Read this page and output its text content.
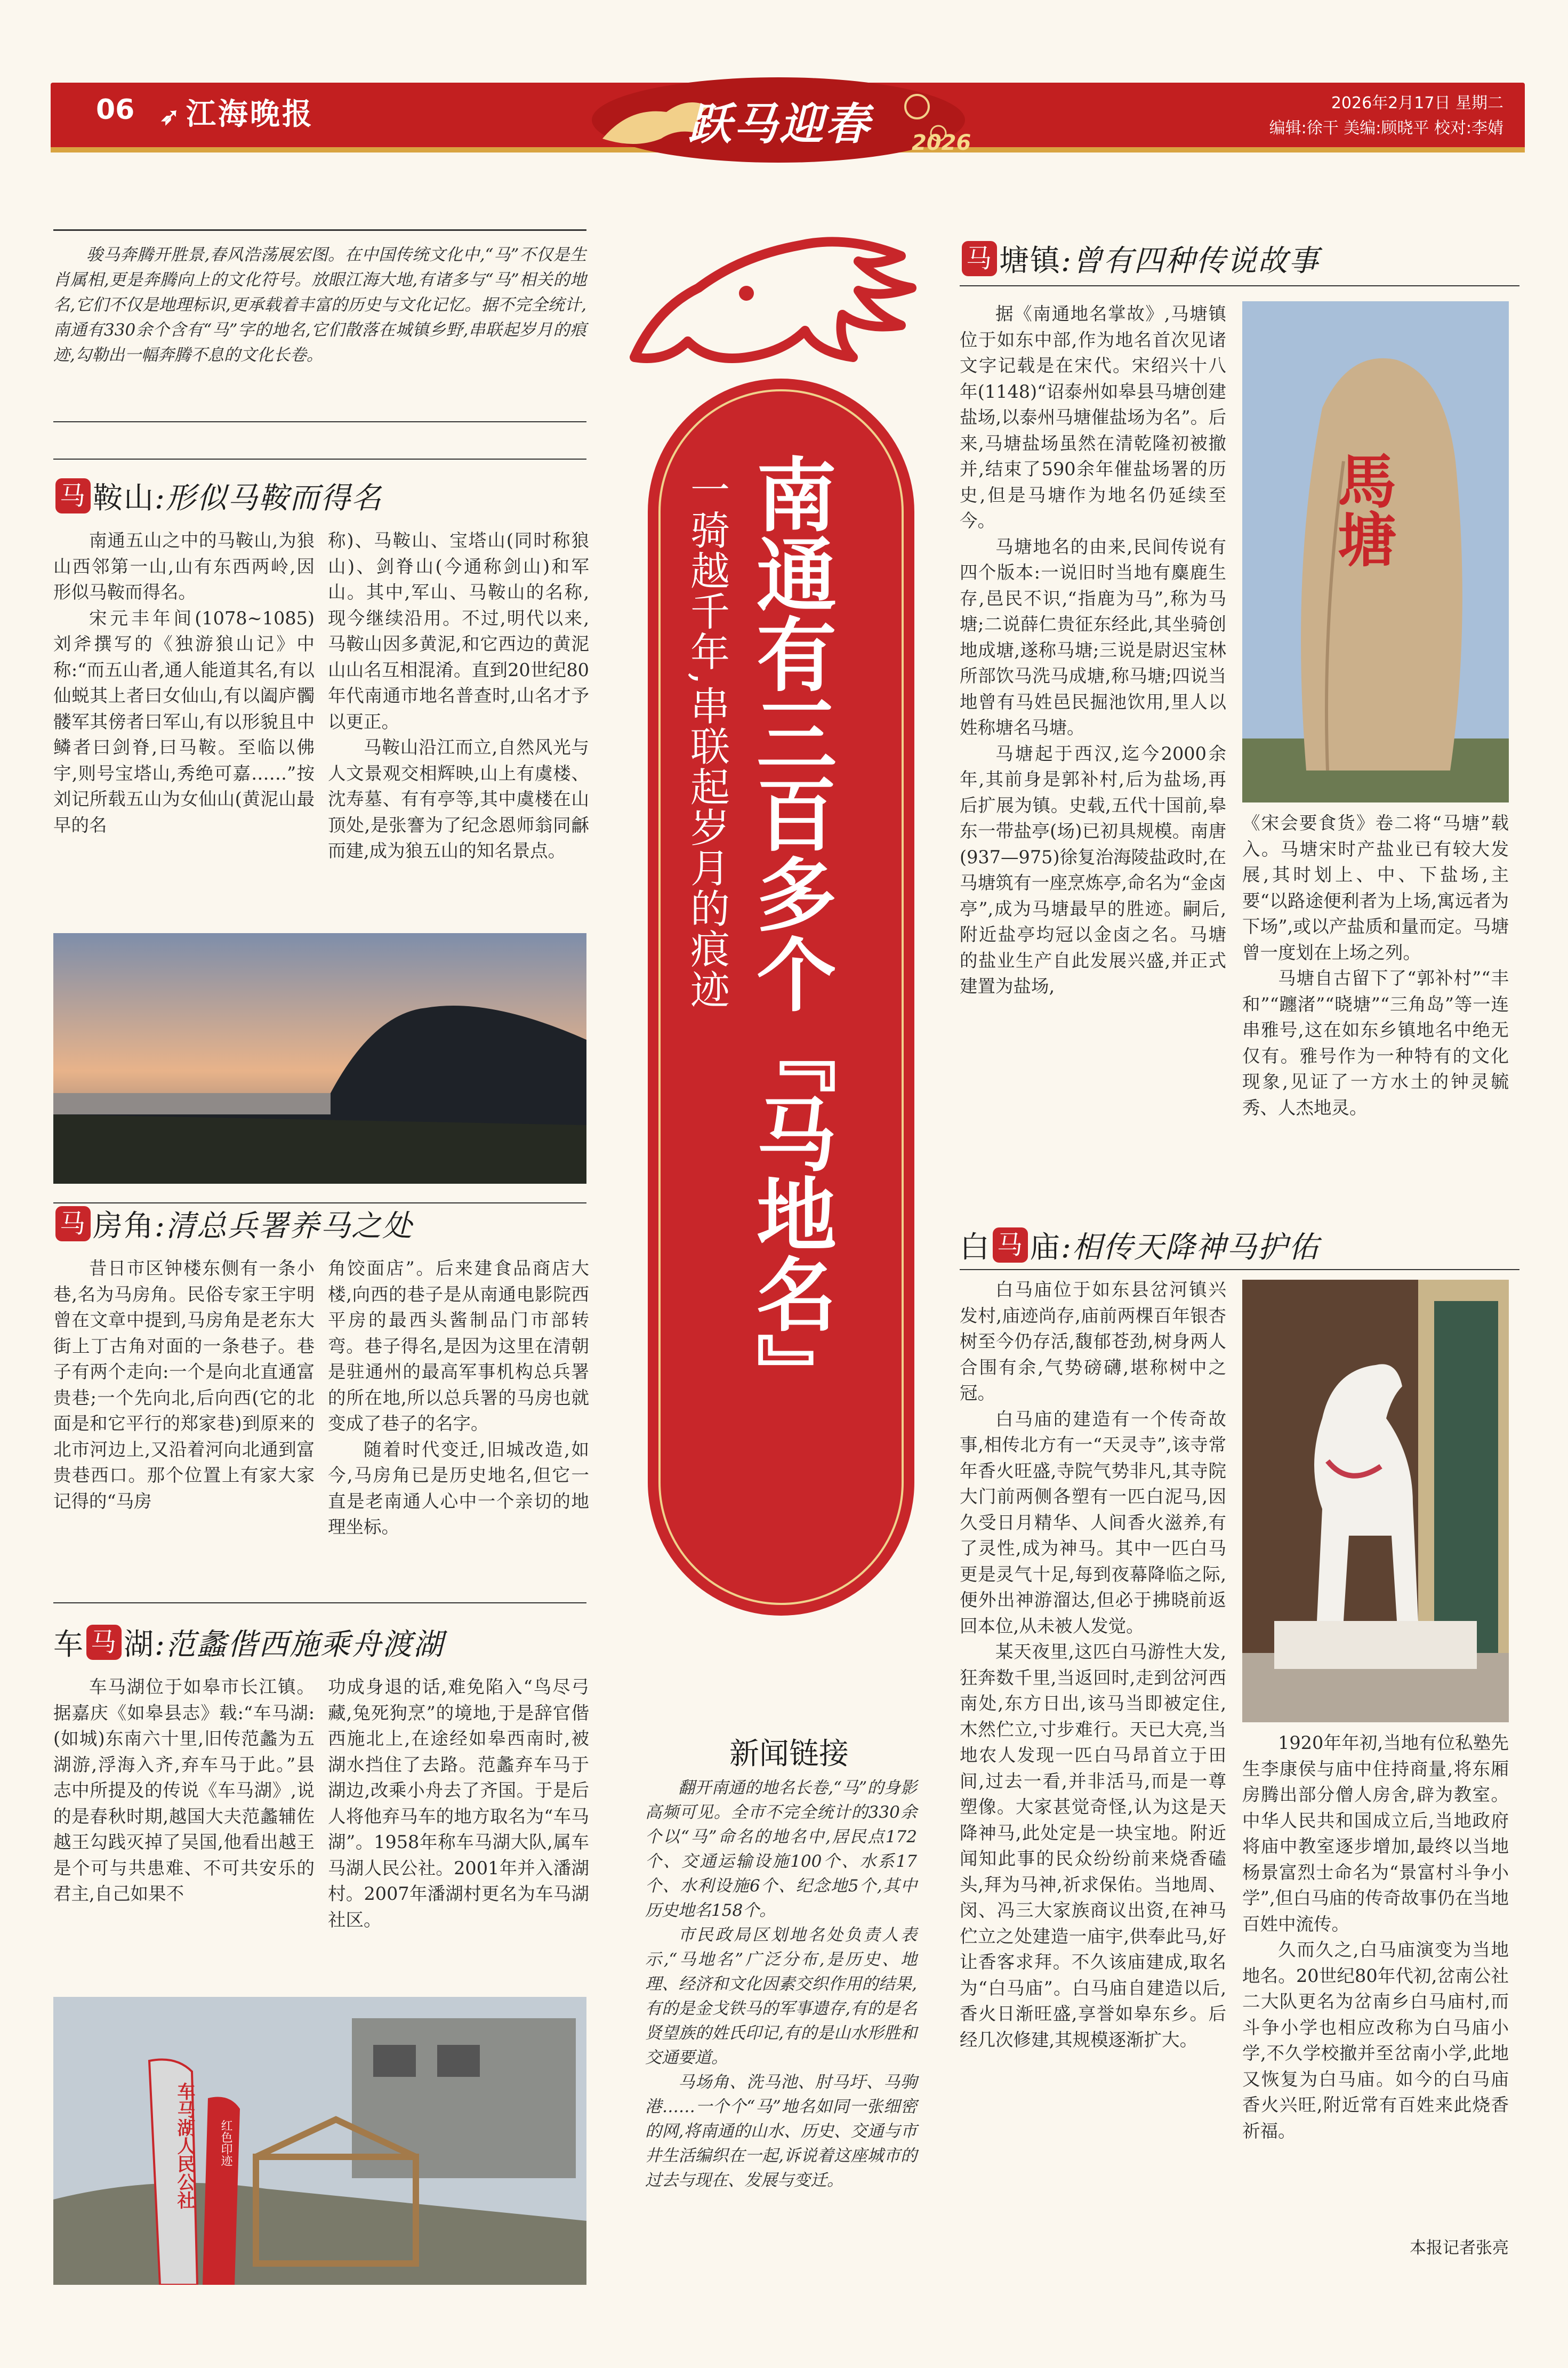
06 ➶ 江海晚报	跃马迎春 2026
2026年2月17日 星期二
编辑:徐干 美编:顾晓平 校对:李婧

骏马奔腾开胜景,春风浩荡展宏图。在中国传统文化中,“马”不仅是生肖属相,更是奔腾向上的文化符号。放眼江海大地,有诸多与“马”相关的地名,它们不仅是地理标识,更承载着丰富的历史与文化记忆。据不完全统计,南通有330余个含有“马”字的地名,它们散落在城镇乡野,串联起岁月的痕迹,勾勒出一幅奔腾不息的文化长卷。

南通有三百多个『马地名』
一骑越千年,串联起岁月的痕迹
马 鞍山 :形似马鞍而得名

南通五山之中的马鞍山,为狼山西邻第一山,山有东西两岭,因形似马鞍而得名。

宋元丰年间(1078~1085)刘斧撰写的《独游狼山记》中称:“而五山者,通人能道其名,有以仙蜕其上者曰女仙山,有以阖庐髑髅军其傍者曰军山,有以形貌且中鳞者曰剑脊,曰马鞍。至临以佛宇,则号宝塔山,秀绝可嘉……”按刘记所载五山为女仙山(黄泥山最早的名

称)、马鞍山、宝塔山(同时称狼山)、剑脊山(今通称剑山)和军山。其中,军山、马鞍山的名称,现今继续沿用。不过,明代以来,马鞍山因多黄泥,和它西边的黄泥山山名互相混淆。直到20世纪80年代南通市地名普查时,山名才予以更正。

马鞍山沿江而立,自然风光与人文景观交相辉映,山上有虞楼、沈寿墓、有有亭等,其中虞楼在山顶处,是张謇为了纪念恩师翁同龢而建,成为狼五山的知名景点。

马 房角 :清总兵署养马之处

昔日市区钟楼东侧有一条小巷,名为马房角。民俗专家王宇明曾在文章中提到,马房角是老东大街上丁古角对面的一条巷子。巷子有两个走向:一个是向北直通富贵巷;一个先向北,后向西(它的北面是和它平行的郑家巷)到原来的北市河边上,又沿着河向北通到富贵巷西口。那个位置上有家大家记得的“马房

角饺面店”。后来建食品商店大楼,向西的巷子是从南通电影院西平房的最西头酱制品门市部转弯。巷子得名,是因为这里在清朝是驻通州的最高军事机构总兵署的所在地,所以总兵署的马房也就变成了巷子的名字。

随着时代变迁,旧城改造,如今,马房角已是历史地名,但它一直是老南通人心中一个亲切的地理坐标。

车 马 湖 :范蠡偕西施乘舟渡湖

车马湖位于如皋市长江镇。据嘉庆《如皋县志》载:“车马湖:(如城)东南六十里,旧传范蠡为五湖游,浮海入齐,弃车马于此。”县志中所提及的传说《车马湖》,说的是春秋时期,越国大夫范蠡辅佐越王勾践灭掉了吴国,他看出越王是个可与共患难、不可共安乐的君主,自己如果不

功成身退的话,难免陷入“鸟尽弓藏,兔死狗烹”的境地,于是辞官偕西施北上,在途经如皋西南时,被湖水挡住了去路。范蠡弃车马于湖边,改乘小舟去了齐国。于是后人将他弃马车的地方取名为“车马湖”。1958年称车马湖大队,属车马湖人民公社。2001年并入潘湖村。2007年潘湖村更名为车马湖社区。

车马湖人民公社	红色印迹
马 塘镇 :曾有四种传说故事

据《南通地名掌故》,马塘镇位于如东中部,作为地名首次见诸文字记载是在宋代。宋绍兴十八年(1148)“诏泰州如皋县马塘创建盐场,以泰州马塘催盐场为名”。后来,马塘盐场虽然在清乾隆初被撤并,结束了590余年催盐场署的历史,但是马塘作为地名仍延续至今。

马塘地名的由来,民间传说有四个版本:一说旧时当地有麋鹿生存,邑民不识,“指鹿为马”,称为马塘;二说薛仁贵征东经此,其坐骑创地成塘,遂称马塘;三说是尉迟宝林所部饮马洗马成塘,称马塘;四说当地曾有马姓邑民掘池饮用,里人以姓称塘名马塘。

马塘起于西汉,迄今2000余年,其前身是郭补村,后为盐场,再后扩展为镇。史载,五代十国前,皋东一带盐亭(场)已初具规模。南唐(937—975)徐复治海陵盐政时,在马塘筑有一座烹炼亭,命名为“金卤亭”,成为马塘最早的胜迹。嗣后,附近盐亭均冠以金卤之名。马塘的盐业生产自此发展兴盛,并正式建置为盐场,

馬塘

《宋会要食货》卷二将“马塘”载入。马塘宋时产盐业已有较大发展,其时划上、中、下盐场,主要“以路途便利者为上场,寓远者为下场”,或以产盐质和量而定。马塘曾一度划在上场之列。

马塘自古留下了“郭补村”“丰和”“躔渚”“晓塘”“三角岛”等一连串雅号,这在如东乡镇地名中绝无仅有。雅号作为一种特有的文化现象,见证了一方水土的钟灵毓秀、人杰地灵。

白 马 庙 :相传天降神马护佑

白马庙位于如东县岔河镇兴发村,庙迹尚存,庙前两棵百年银杏树至今仍存活,馥郁苍劲,树身两人合围有余,气势磅礴,堪称树中之冠。

白马庙的建造有一个传奇故事,相传北方有一“天灵寺”,该寺常年香火旺盛,寺院气势非凡,其寺院大门前两侧各塑有一匹白泥马,因久受日月精华、人间香火滋养,有了灵性,成为神马。其中一匹白马更是灵气十足,每到夜幕降临之际,便外出神游溜达,但必于拂晓前返回本位,从未被人发觉。

某天夜里,这匹白马游性大发,狂奔数千里,当返回时,走到岔河西南处,东方日出,该马当即被定住,木然伫立,寸步难行。天已大亮,当地农人发现一匹白马昂首立于田间,过去一看,并非活马,而是一尊塑像。大家甚觉奇怪,认为这是天降神马,此处定是一块宝地。附近闻知此事的民众纷纷前来烧香磕头,拜为马神,祈求保佑。当地周、闵、冯三大家族商议出资,在神马伫立之处建造一庙宇,供奉此马,好让香客求拜。不久该庙建成,取名为“白马庙”。白马庙自建造以后,香火日渐旺盛,享誉如皋东乡。后经几次修建,其规模逐渐扩大。

1920年年初,当地有位私塾先生李康侯与庙中住持商量,将东厢房腾出部分僧人房舍,辟为教室。中华人民共和国成立后,当地政府将庙中教室逐步增加,最终以当地杨景富烈士命名为“景富村斗争小学”,但白马庙的传奇故事仍在当地百姓中流传。

久而久之,白马庙演变为当地地名。20世纪80年代初,岔南公社二大队更名为岔南乡白马庙村,而斗争小学也相应改称为白马庙小学,不久学校撤并至岔南小学,此地又恢复为白马庙。如今的白马庙香火兴旺,附近常有百姓来此烧香祈福。

本报记者张亮
新闻链接

翻开南通的地名长卷,“马”的身影高频可见。全市不完全统计的330余个以“马”命名的地名中,居民点172个、交通运输设施100个、水系17个、水利设施6个、纪念地5个,其中历史地名158个。

市民政局区划地名处负责人表示,“马地名”广泛分布,是历史、地理、经济和文化因素交织作用的结果,有的是金戈铁马的军事遗存,有的是名贤望族的姓氏印记,有的是山水形胜和交通要道。

马场角、洗马池、肘马圩、马驹港……一个个“马”地名如同一张细密的网,将南通的山水、历史、交通与市井生活编织在一起,诉说着这座城市的过去与现在、发展与变迁。
